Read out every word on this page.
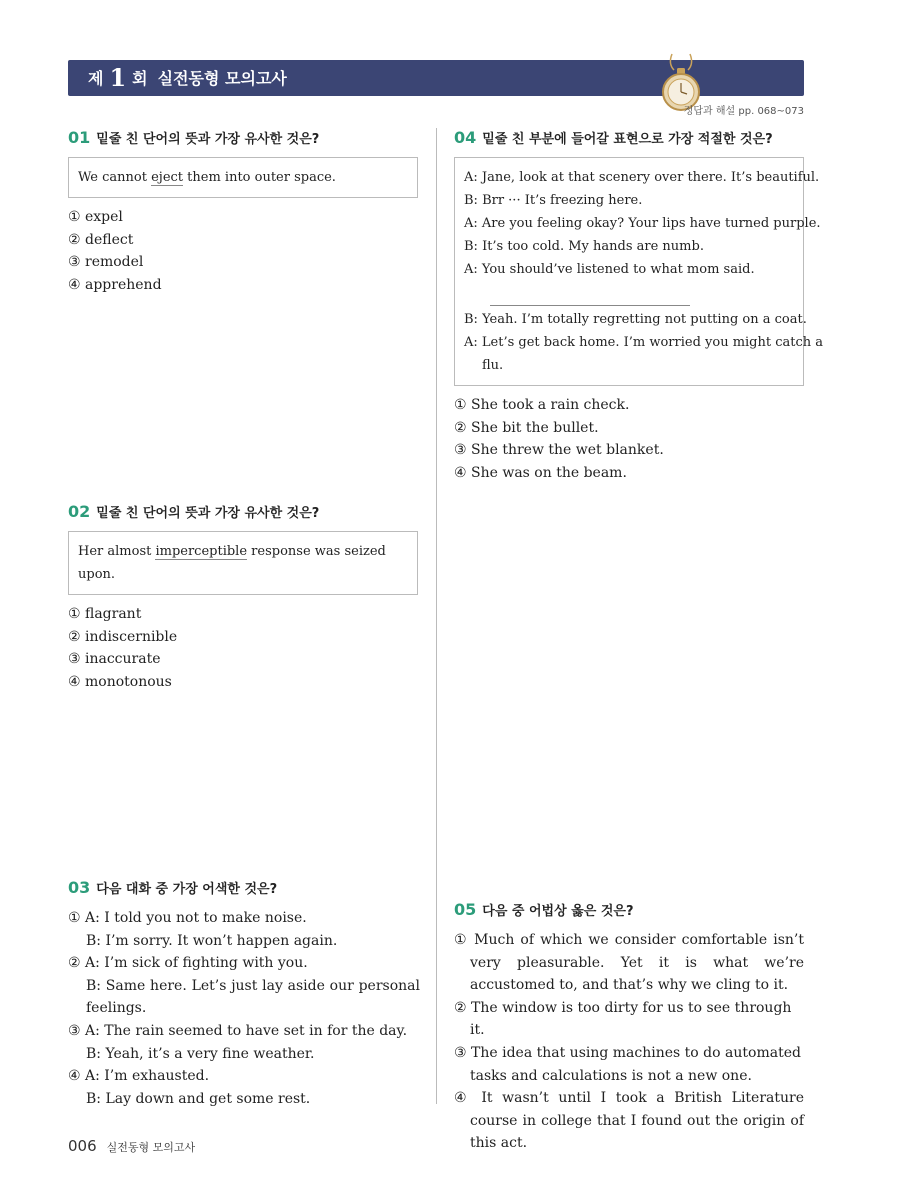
제 1 회 실전동형 모의고사
정답과 해설 pp. 068~073
01 밑줄 친 단어의 뜻과 가장 유사한 것은?
We cannot eject them into outer space.
① expel
② deflect
③ remodel
④ apprehend
02 밑줄 친 단어의 뜻과 가장 유사한 것은?
Her almost imperceptible response was seized upon.
① flagrant
② indiscernible
③ inaccurate
④ monotonous
03 다음 대화 중 가장 어색한 것은?
① A: I told you not to make noise.
B: I’m sorry. It won’t happen again.
② A: I’m sick of fighting with you.
B: Same here. Let’s just lay aside our personal feelings.
③ A: The rain seemed to have set in for the day.
B: Yeah, it’s a very fine weather.
④ A: I’m exhausted.
B: Lay down and get some rest.
04 밑줄 친 부분에 들어갈 표현으로 가장 적절한 것은?
A: Jane, look at that scenery over there. It’s beautiful.
B: Brr ··· It’s freezing here.
A: Are you feeling okay? Your lips have turned purple.
B: It’s too cold. My hands are numb.
A: You should’ve listened to what mom said.
B: Yeah. I’m totally regretting not putting on a coat.
A: Let’s get back home. I’m worried you might catch a
flu.
① She took a rain check.
② She bit the bullet.
③ She threw the wet blanket.
④ She was on the beam.
05 다음 중 어법상 옳은 것은?
① Much of which we consider comfortable isn’t very pleasurable. Yet it is what we’re accustomed to, and that’s why we cling to it.
② The window is too dirty for us to see through it.
③ The idea that using machines to do automated tasks and calculations is not a new one.
④ It wasn’t until I took a British Literature course in college that I found out the origin of this act.
006 실전동형 모의고사
